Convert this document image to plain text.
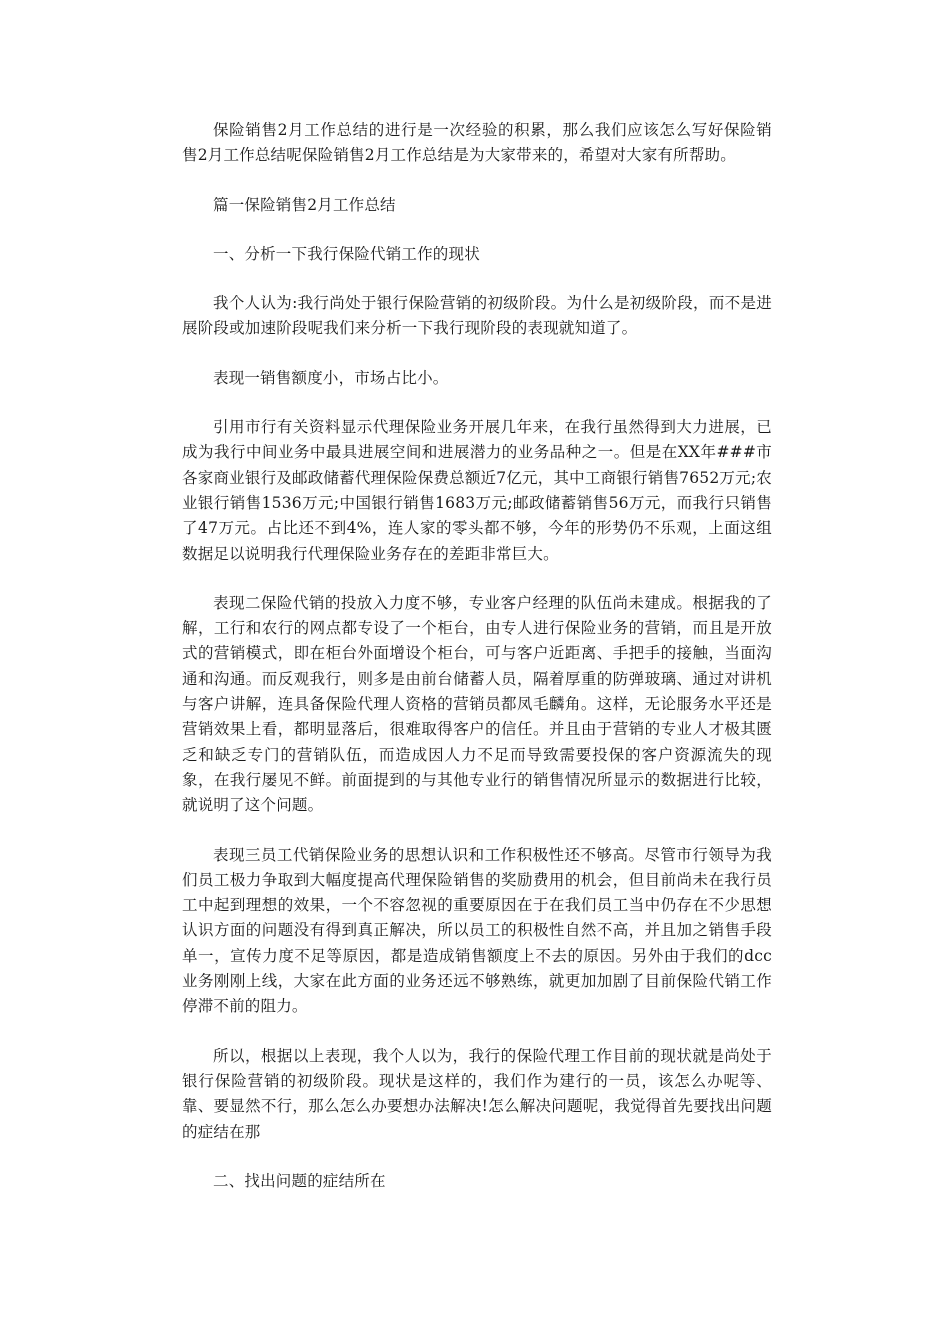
保险销售2月工作总结的进行是一次经验的积累，那么我们应该怎么写好保险销售2月工作总结呢保险销售2月工作总结是为大家带来的，希望对大家有所帮助。

篇一保险销售2月工作总结

一、分析一下我行保险代销工作的现状

我个人认为:我行尚处于银行保险营销的初级阶段。为什么是初级阶段，而不是进展阶段或加速阶段呢我们来分析一下我行现阶段的表现就知道了。

表现一销售额度小，市场占比小。

引用市行有关资料显示代理保险业务开展几年来，在我行虽然得到大力进展，已成为我行中间业务中最具进展空间和进展潜力的业务品种之一。但是在XX年###市各家商业银行及邮政储蓄代理保险保费总额近7亿元，其中工商银行销售7652万元;农业银行销售1536万元;中国银行销售1683万元;邮政储蓄销售56万元，而我行只销售了47万元。占比还不到4%，连人家的零头都不够，今年的形势仍不乐观，上面这组数据足以说明我行代理保险业务存在的差距非常巨大。

表现二保险代销的投放入力度不够，专业客户经理的队伍尚未建成。根据我的了解，工行和农行的网点都专设了一个柜台，由专人进行保险业务的营销，而且是开放式的营销模式，即在柜台外面增设个柜台，可与客户近距离、手把手的接触，当面沟通和沟通。而反观我行，则多是由前台储蓄人员，隔着厚重的防弹玻璃、通过对讲机与客户讲解，连具备保险代理人资格的营销员都凤毛麟角。这样，无论服务水平还是营销效果上看，都明显落后，很难取得客户的信任。并且由于营销的专业人才极其匮乏和缺乏专门的营销队伍，而造成因人力不足而导致需要投保的客户资源流失的现象，在我行屡见不鲜。前面提到的与其他专业行的销售情况所显示的数据进行比较，就说明了这个问题。

表现三员工代销保险业务的思想认识和工作积极性还不够高。尽管市行领导为我们员工极力争取到大幅度提高代理保险销售的奖励费用的机会，但目前尚未在我行员工中起到理想的效果，一个不容忽视的重要原因在于在我们员工当中仍存在不少思想认识方面的问题没有得到真正解决，所以员工的积极性自然不高，并且加之销售手段单一，宣传力度不足等原因，都是造成销售额度上不去的原因。另外由于我们的dcc业务刚刚上线，大家在此方面的业务还远不够熟练，就更加加剧了目前保险代销工作停滞不前的阻力。

所以，根据以上表现，我个人以为，我行的保险代理工作目前的现状就是尚处于银行保险营销的初级阶段。现状是这样的，我们作为建行的一员，该怎么办呢等、靠、要显然不行，那么怎么办要想办法解决!怎么解决问题呢，我觉得首先要找出问题的症结在那

二、找出问题的症结所在
